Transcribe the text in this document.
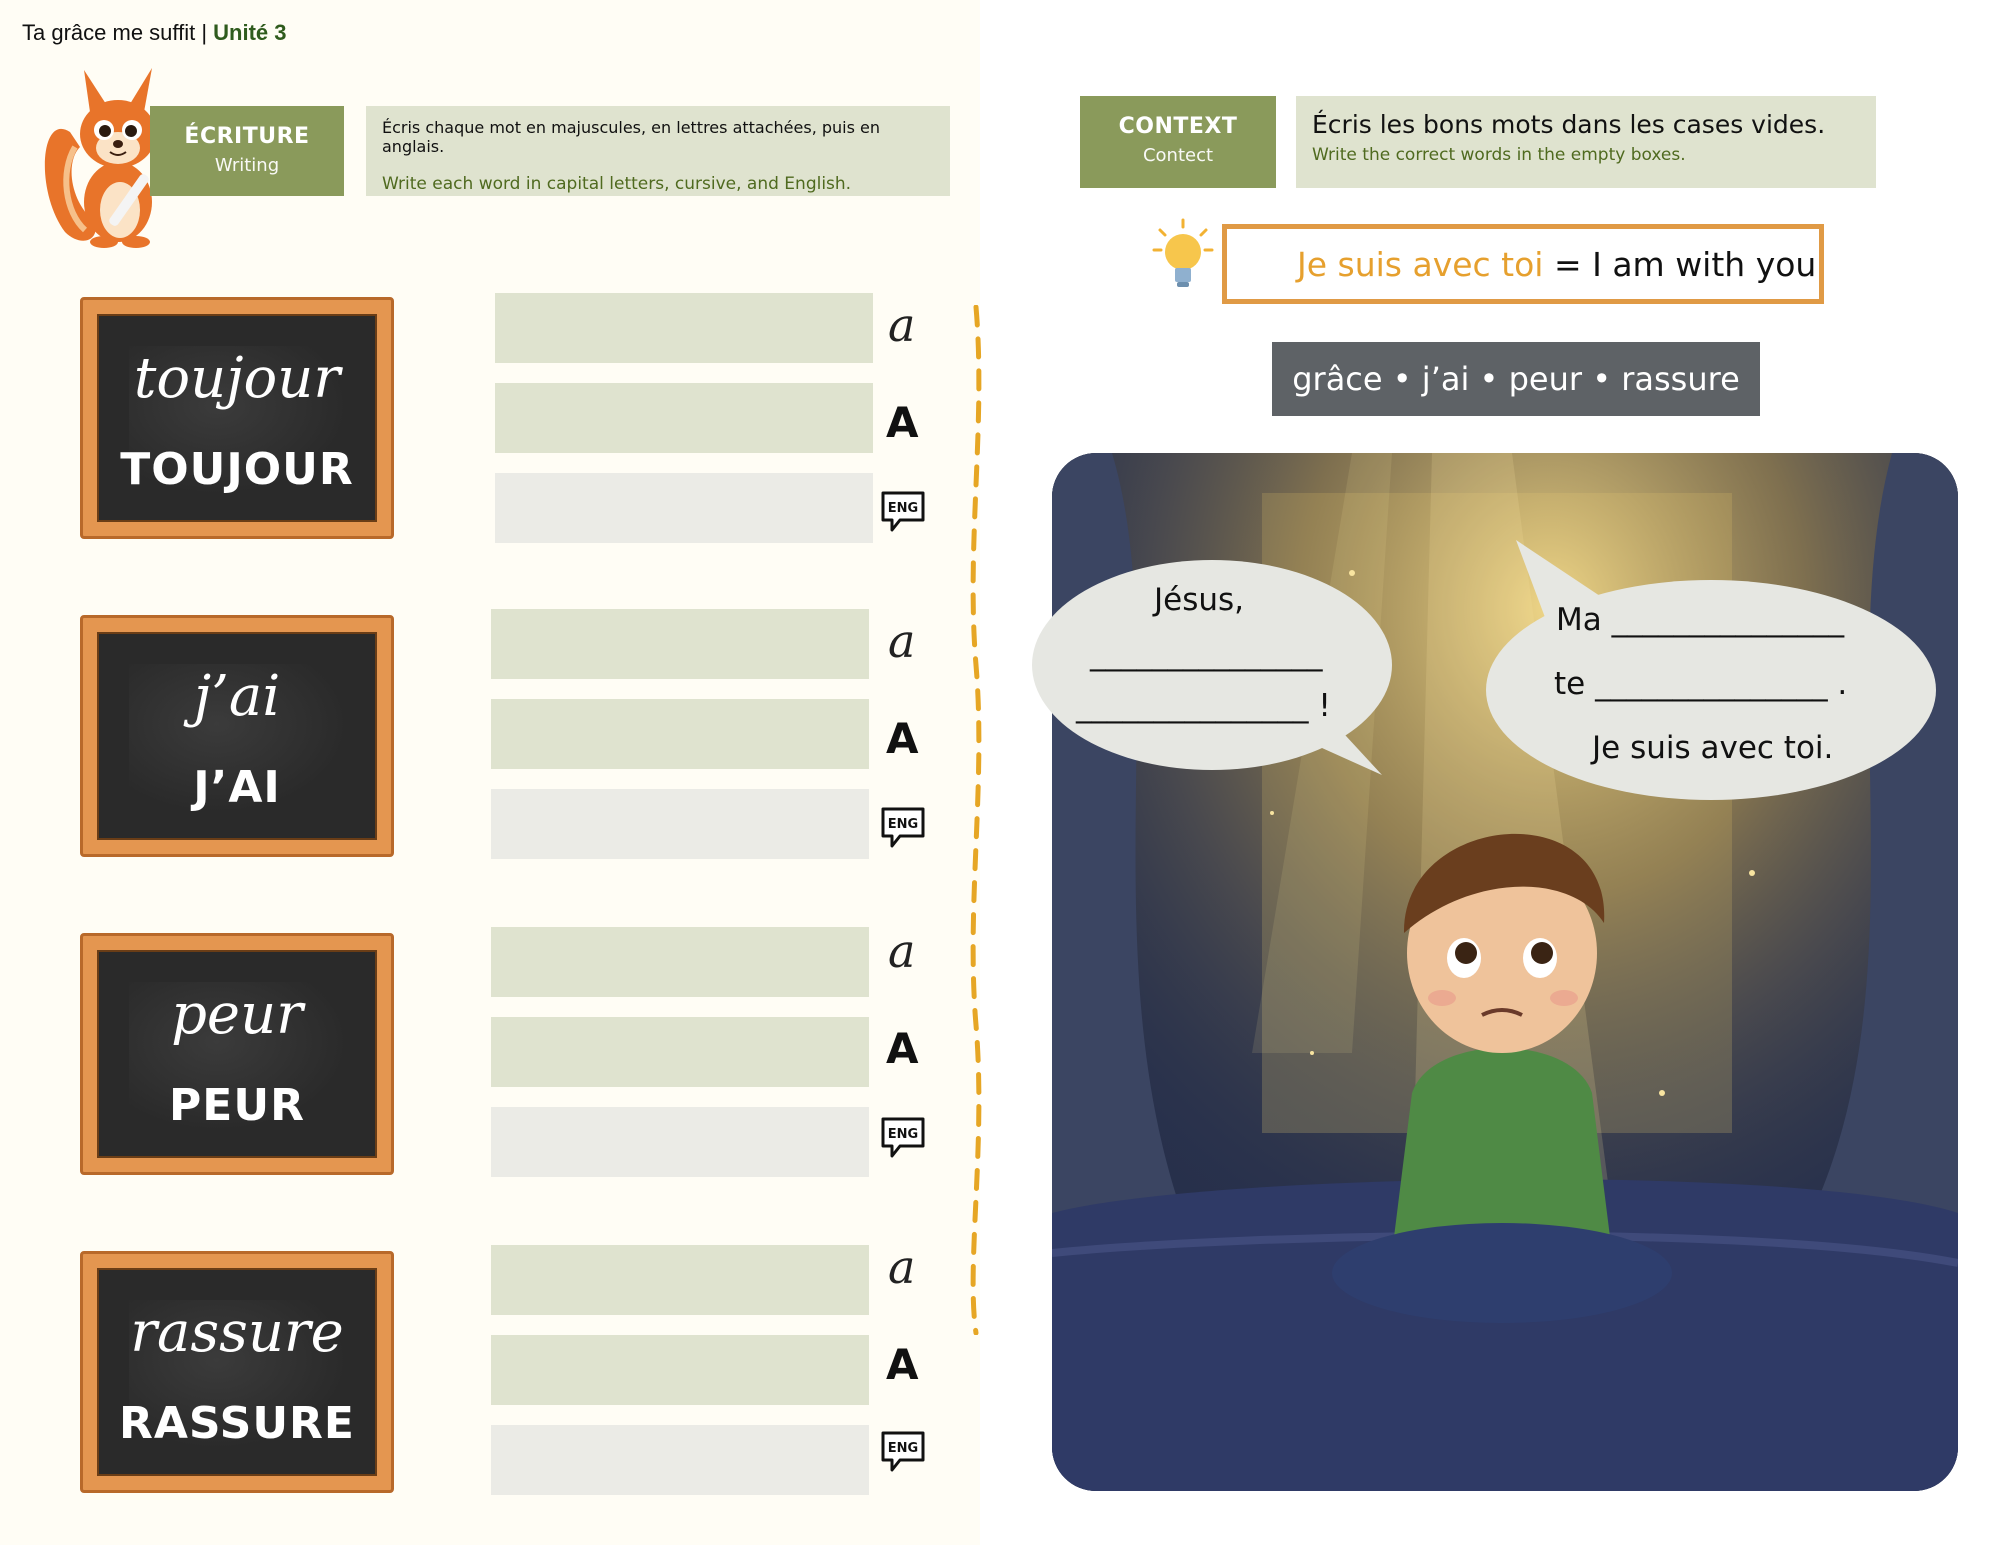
Ta grâce me suffit | Unité 3
ÉCRITURE
Writing
Écris chaque mot en majuscules, en lettres attachées, puis en anglais.
Write each word in capital letters, cursive, and English.
toujour
TOUJOUR
j’ai
J’AI
peur
PEUR
rassure
RASSURE
a
A
ENG
a
A
ENG
a
A
ENG
a
A
ENG
CONTEXT
Contect
Écris les bons mots dans les cases vides.
Write the correct words in the empty boxes.
Je suis avec toi = I am with you
grâce • j’ai • peur • rassure
Jésus,
_______________
_______________ !
Ma _______________
te _______________ .
Je suis avec toi.
